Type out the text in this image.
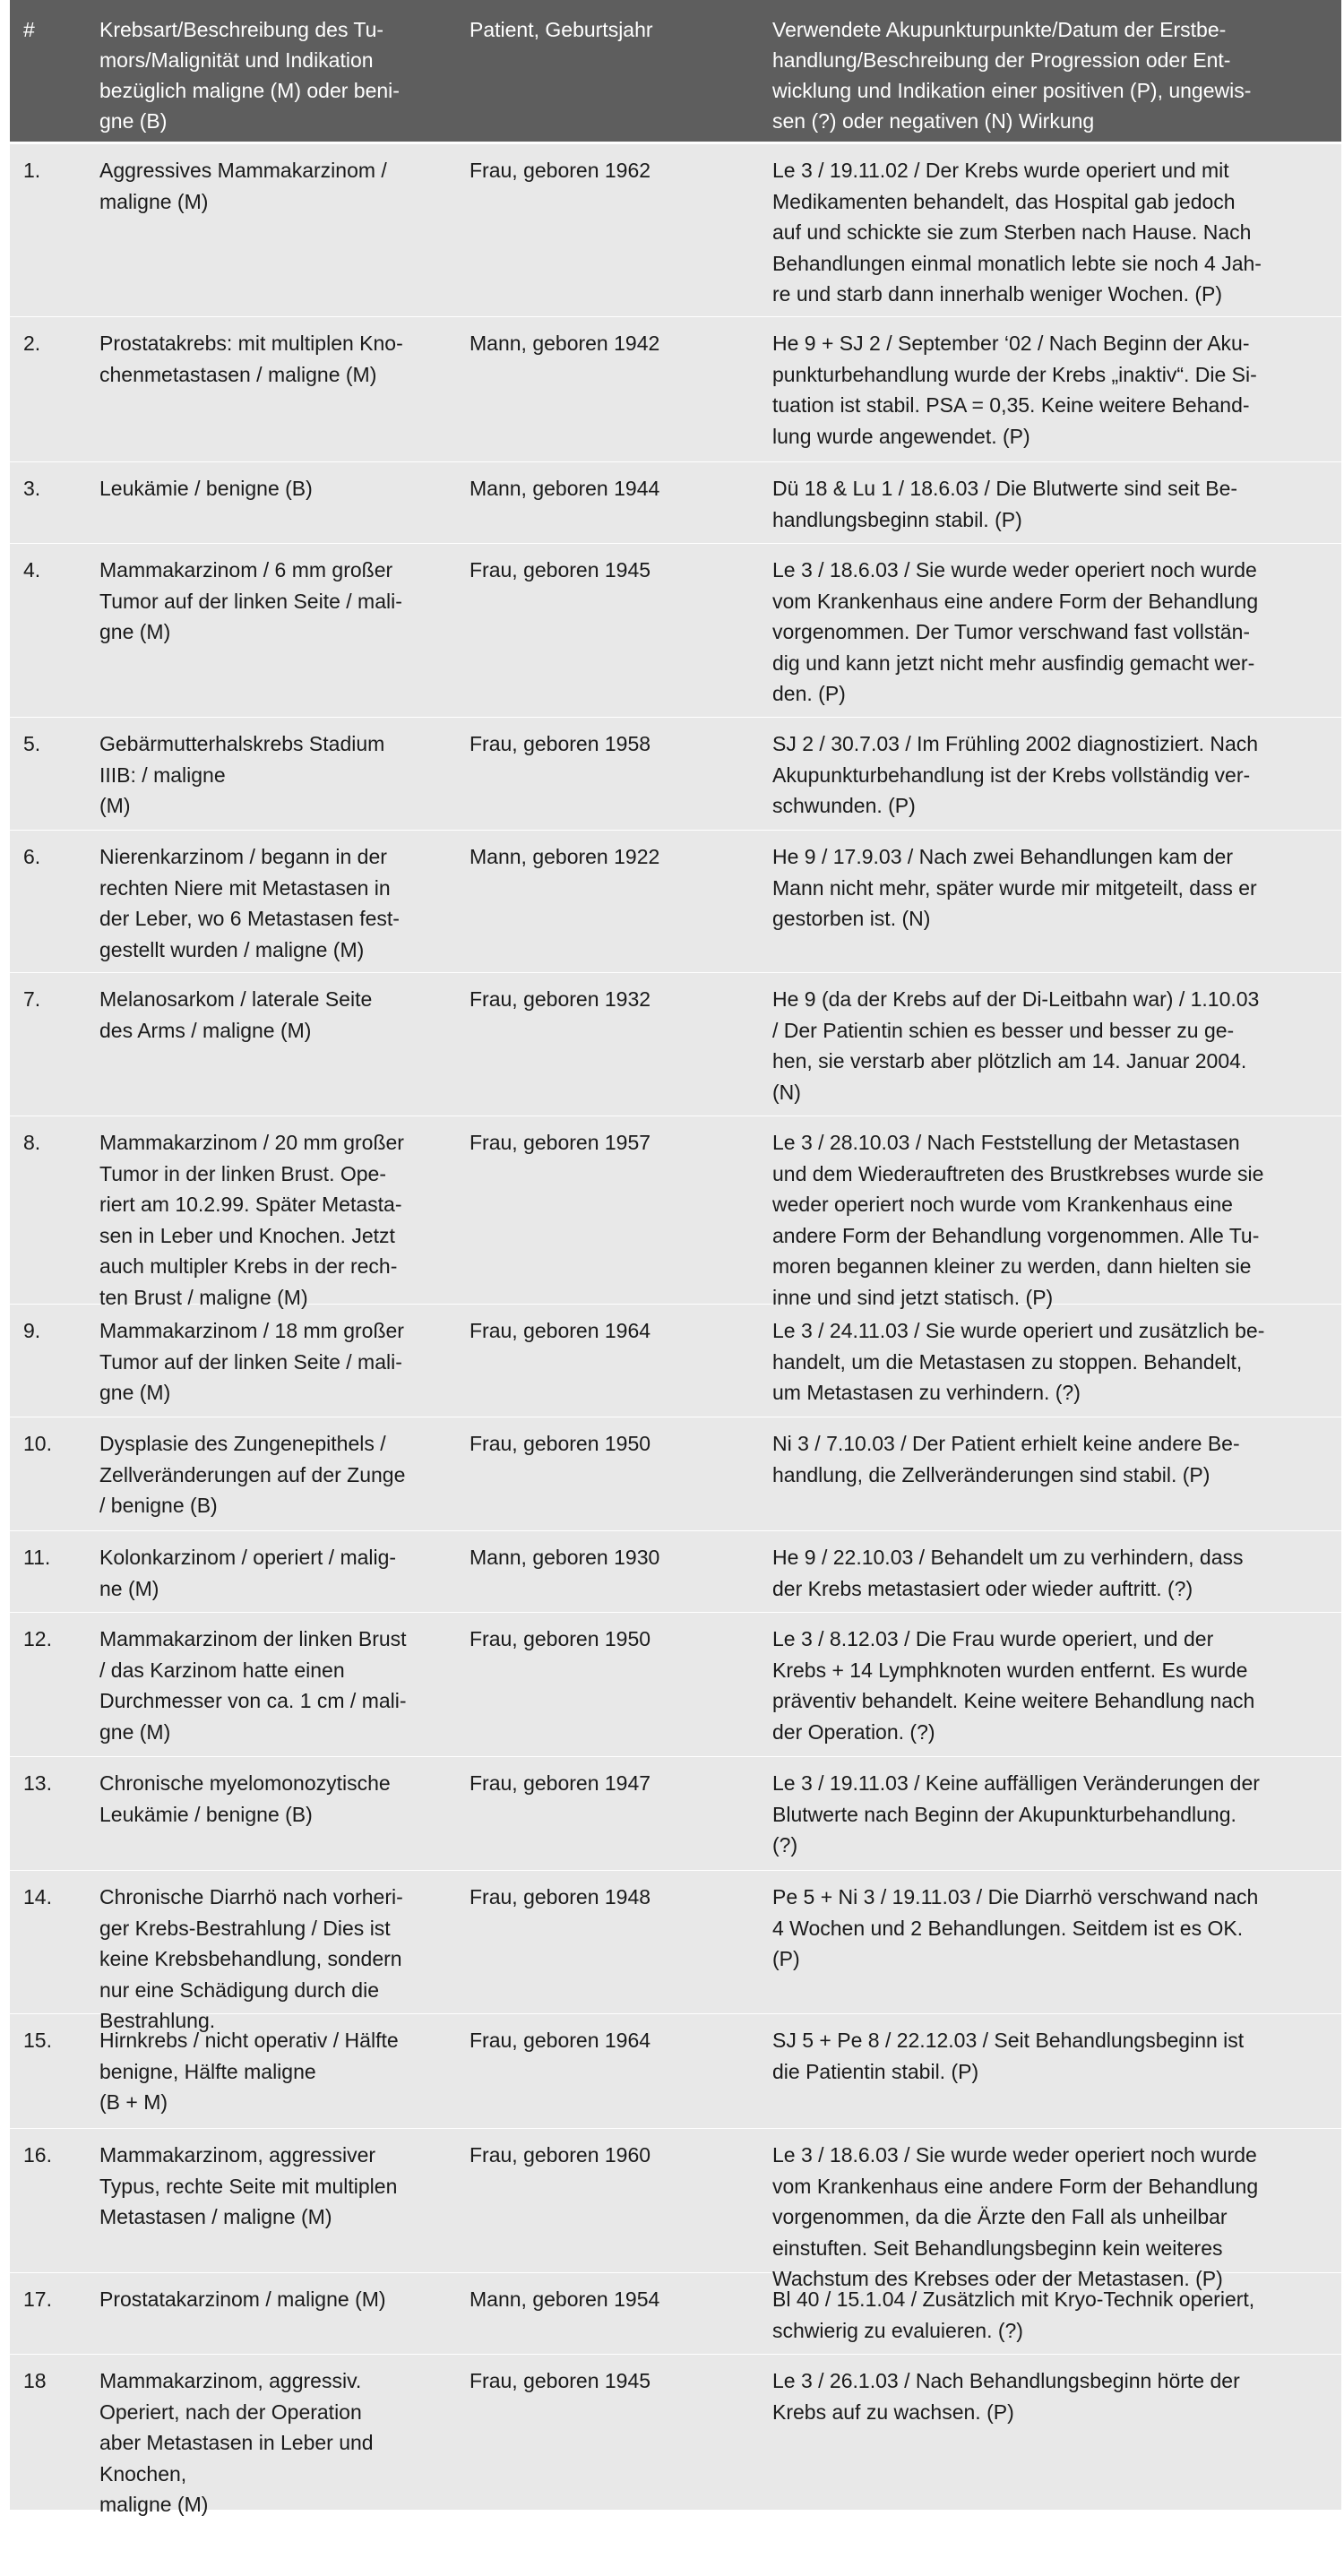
#	Krebsart/Beschreibung des Tu-
mors/Malignität und Indikation
bezüglich maligne (M) oder beni-
gne (B)
Patient, Geburtsjahr	Verwendete Akupunkturpunkte/Datum der Erstbe-
handlung/Beschreibung der Progression oder Ent-
wicklung und Indikation einer positiven (P), ungewis-
sen (?) oder negativen (N) Wirkung
1.	Aggressives Mammakarzinom /
maligne (M)
Frau, geboren 1962	Le 3 / 19.11.02 / Der Krebs wurde operiert und mit
Medikamenten behandelt, das Hospital gab jedoch
auf und schickte sie zum Sterben nach Hause. Nach
Behandlungen einmal monatlich lebte sie noch 4 Jah-
re und starb dann innerhalb weniger Wochen. (P)
2.	Prostatakrebs: mit multiplen Kno-
chenmetastasen / maligne (M)
Mann, geboren 1942	He 9 + SJ 2 / September ‘02 / Nach Beginn der Aku-
punkturbehandlung wurde der Krebs „inaktiv“. Die Si-
tuation ist stabil. PSA = 0,35. Keine weitere Behand-
lung wurde angewendet. (P)
3.	Leukämie / benigne (B)	Mann, geboren 1944	Dü 18 & Lu 1 / 18.6.03 / Die Blutwerte sind seit Be-
handlungsbeginn stabil. (P)
4.	Mammakarzinom / 6 mm großer
Tumor auf der linken Seite / mali-
gne (M)
Frau, geboren 1945	Le 3 / 18.6.03 / Sie wurde weder operiert noch wurde
vom Krankenhaus eine andere Form der Behandlung
vorgenommen. Der Tumor verschwand fast vollstän-
dig und kann jetzt nicht mehr ausfindig gemacht wer-
den. (P)
5.	Gebärmutterhalskrebs Stadium
IIIB: / maligne
(M)
Frau, geboren 1958	SJ 2 / 30.7.03 / Im Frühling 2002 diagnostiziert. Nach
Akupunkturbehandlung ist der Krebs vollständig ver-
schwunden. (P)
6.	Nierenkarzinom / begann in der
rechten Niere mit Metastasen in
der Leber, wo 6 Metastasen fest-
gestellt wurden / maligne (M)
Mann, geboren 1922	He 9 / 17.9.03 / Nach zwei Behandlungen kam der
Mann nicht mehr, später wurde mir mitgeteilt, dass er
gestorben ist. (N)
7.	Melanosarkom / laterale Seite
des Arms / maligne (M)
Frau, geboren 1932	He 9 (da der Krebs auf der Di-Leitbahn war) / 1.10.03
/ Der Patientin schien es besser und besser zu ge-
hen, sie verstarb aber plötzlich am 14. Januar 2004.
(N)
8.	Mammakarzinom / 20 mm großer
Tumor in der linken Brust. Ope-
riert am 10.2.99. Später Metasta-
sen in Leber und Knochen. Jetzt
auch multipler Krebs in der rech-
ten Brust / maligne (M)
Frau, geboren 1957	Le 3 / 28.10.03 / Nach Feststellung der Metastasen
und dem Wiederauftreten des Brustkrebses wurde sie
weder operiert noch wurde vom Krankenhaus eine
andere Form der Behandlung vorgenommen. Alle Tu-
moren begannen kleiner zu werden, dann hielten sie
inne und sind jetzt statisch. (P)
9.	Mammakarzinom / 18 mm großer
Tumor auf der linken Seite / mali-
gne (M)
Frau, geboren 1964	Le 3 / 24.11.03 / Sie wurde operiert und zusätzlich be-
handelt, um die Metastasen zu stoppen. Behandelt,
um Metastasen zu verhindern. (?)
10.	Dysplasie des Zungenepithels /
Zellveränderungen auf der Zunge
/ benigne (B)
Frau, geboren 1950	Ni 3 / 7.10.03 / Der Patient erhielt keine andere Be-
handlung, die Zellveränderungen sind stabil. (P)
11.	Kolonkarzinom / operiert / malig-
ne (M)
Mann, geboren 1930	He 9 / 22.10.03 / Behandelt um zu verhindern, dass
der Krebs metastasiert oder wieder auftritt. (?)
12.	Mammakarzinom der linken Brust
/ das Karzinom hatte einen
Durchmesser von ca. 1 cm / mali-
gne (M)
Frau, geboren 1950	Le 3 / 8.12.03 / Die Frau wurde operiert, und der
Krebs + 14 Lymphknoten wurden entfernt. Es wurde
präventiv behandelt. Keine weitere Behandlung nach
der Operation. (?)
13.	Chronische myelomonozytische
Leukämie / benigne (B)
Frau, geboren 1947	Le 3 / 19.11.03 / Keine auffälligen Veränderungen der
Blutwerte nach Beginn der Akupunkturbehandlung.
(?)
14.	Chronische Diarrhö nach vorheri-
ger Krebs-Bestrahlung / Dies ist
keine Krebsbehandlung, sondern
nur eine Schädigung durch die
Bestrahlung.
Frau, geboren 1948	Pe 5 + Ni 3 / 19.11.03 / Die Diarrhö verschwand nach
4 Wochen und 2 Behandlungen. Seitdem ist es OK.
(P)
15.	Hirnkrebs / nicht operativ / Hälfte
benigne, Hälfte maligne
(B + M)
Frau, geboren 1964	SJ 5 + Pe 8 / 22.12.03 / Seit Behandlungsbeginn ist
die Patientin stabil. (P)
16.	Mammakarzinom, aggressiver
Typus, rechte Seite mit multiplen
Metastasen / maligne (M)
Frau, geboren 1960	Le 3 / 18.6.03 / Sie wurde weder operiert noch wurde
vom Krankenhaus eine andere Form der Behandlung
vorgenommen, da die Ärzte den Fall als unheilbar
einstuften. Seit Behandlungsbeginn kein weiteres
Wachstum des Krebses oder der Metastasen. (P)
17.	Prostatakarzinom / maligne (M)	Mann, geboren 1954	Bl 40 / 15.1.04 / Zusätzlich mit Kryo-Technik operiert,
schwierig zu evaluieren. (?)
18	Mammakarzinom, aggressiv.
Operiert, nach der Operation
aber Metastasen in Leber und
Knochen,
maligne (M)
Frau, geboren 1945	Le 3 / 26.1.03 / Nach Behandlungsbeginn hörte der
Krebs auf zu wachsen. (P)
